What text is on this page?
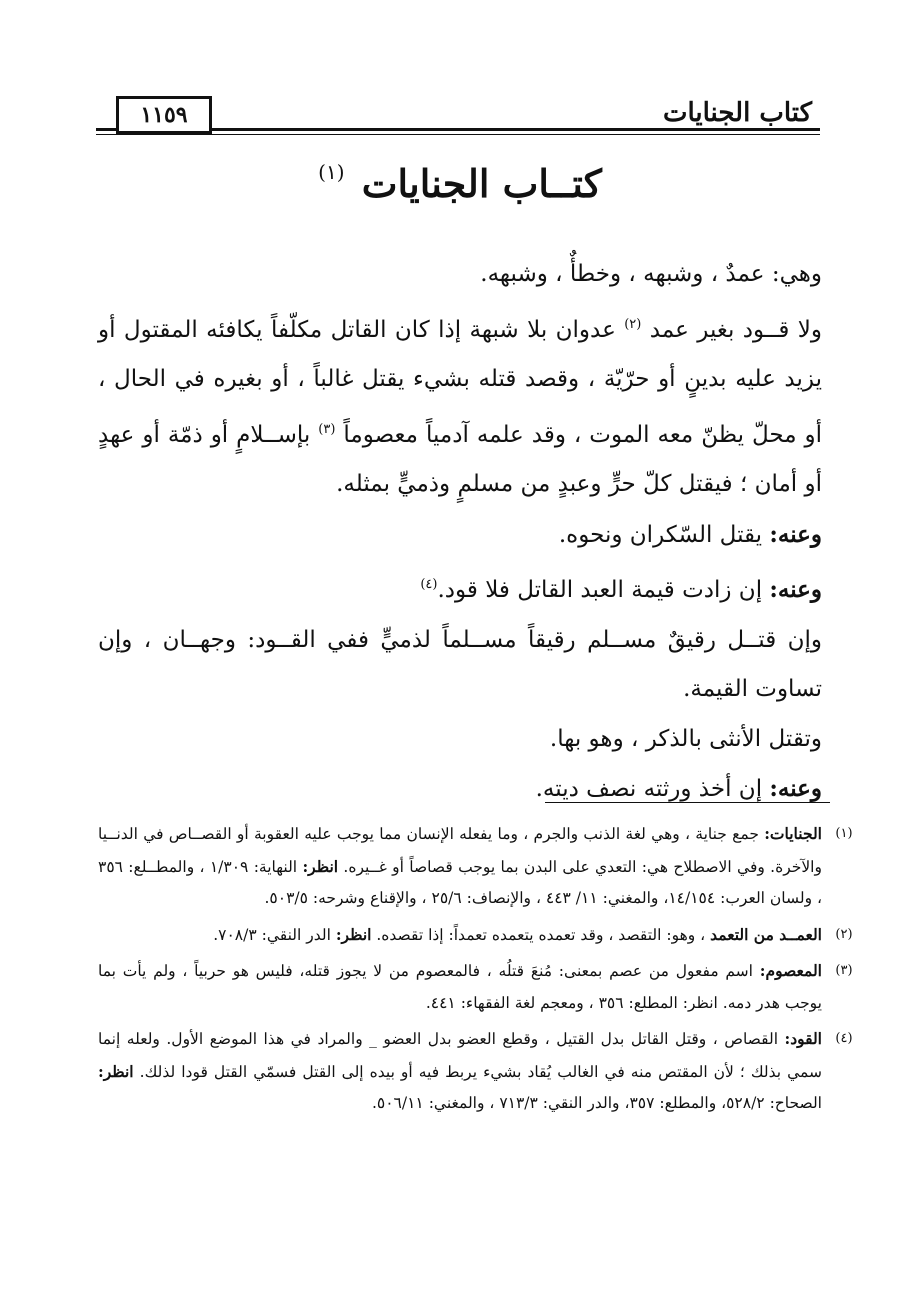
١١٥٩	كتاب الجنايات
كتــاب الجنايات $^{(١)}$

وهي: عمدٌ ، وشبهه ، وخطأٌ ، وشبهه.

ولا قــود بغير عمد $^{(٢)}$ عدوان بلا شبهة إذا كان القاتل مكلّفاً يكافئه المقتول أو يزيد عليه بدينٍ أو حرّيّة ، وقصد قتله بشيء يقتل غالباً ، أو بغيره في الحال ، أو محلّ يظنّ معه الموت ، وقد علمه آدمياً معصوماً $^{(٣)}$ بإســلامٍ أو ذمّة أو عهدٍ أو أمان ؛ فيقتل كلّ حرٍّ وعبدٍ من مسلمٍ وذميٍّ بمثله.

وعنه: يقتل السّكران ونحوه.

وعنه: إن زادت قيمة العبد القاتل فلا قود.$^{(٤)}$

وإن قتــل رقيقٌ مســلم رقيقاً مســلماً لذميٍّ ففي القــود: وجهــان ، وإن تساوت القيمة.

وتقتل الأنثى بالذكر ، وهو بها.

وعنه: إن أخذ ورثته نصف ديته.

(١)
الجنايات: جمع جناية ، وهي لغة الذنب والجرم ، وما يفعله الإنسان مما يوجب عليه العقوبة أو القصــاص في الدنــيا والآخرة. وفي الاصطلاح هي: التعدي على البدن بما يوجب قصاصاً أو غــيره. انظر: النهاية: ١/٣٠٩ ، والمطــلع: ٣٥٦ ، ولسان العرب: ١٤/١٥٤، والمغني: ١١/ ٤٤٣ ، والإنصاف: ٢٥/٦ ، والإقناع وشرحه: ٥٠٣/٥.
(٢)
العمــد من التعمد ، وهو: التقصد ، وقد تعمده يتعمده تعمداً: إذا تقصده. انظر: الدر النقي: ٧٠٨/٣.
(٣)
المعصوم: اسم مفعول من عصم بمعنى: مُنعَ قتلُه ، فالمعصوم من لا يجوز قتله، فليس هو حربياً ، ولم يأت بما يوجب هدر دمه. انظر: المطلع: ٣٥٦ ، ومعجم لغة الفقهاء: ٤٤١.
(٤)
القود: القصاص ، وقتل القاتل بدل القتيل ، وقطع العضو بدل العضو _ والمراد في هذا الموضع الأول. ولعله إنما سمي بذلك ؛ لأن المقتص منه في الغالب يُقاد بشيء يربط فيه أو بيده إلى القتل فسمّي القتل قودا لذلك. انظر: الصحاح: ٥٢٨/٢، والمطلع: ٣٥٧، والدر النقي: ٧١٣/٣ ، والمغني: ٥٠٦/١١.
